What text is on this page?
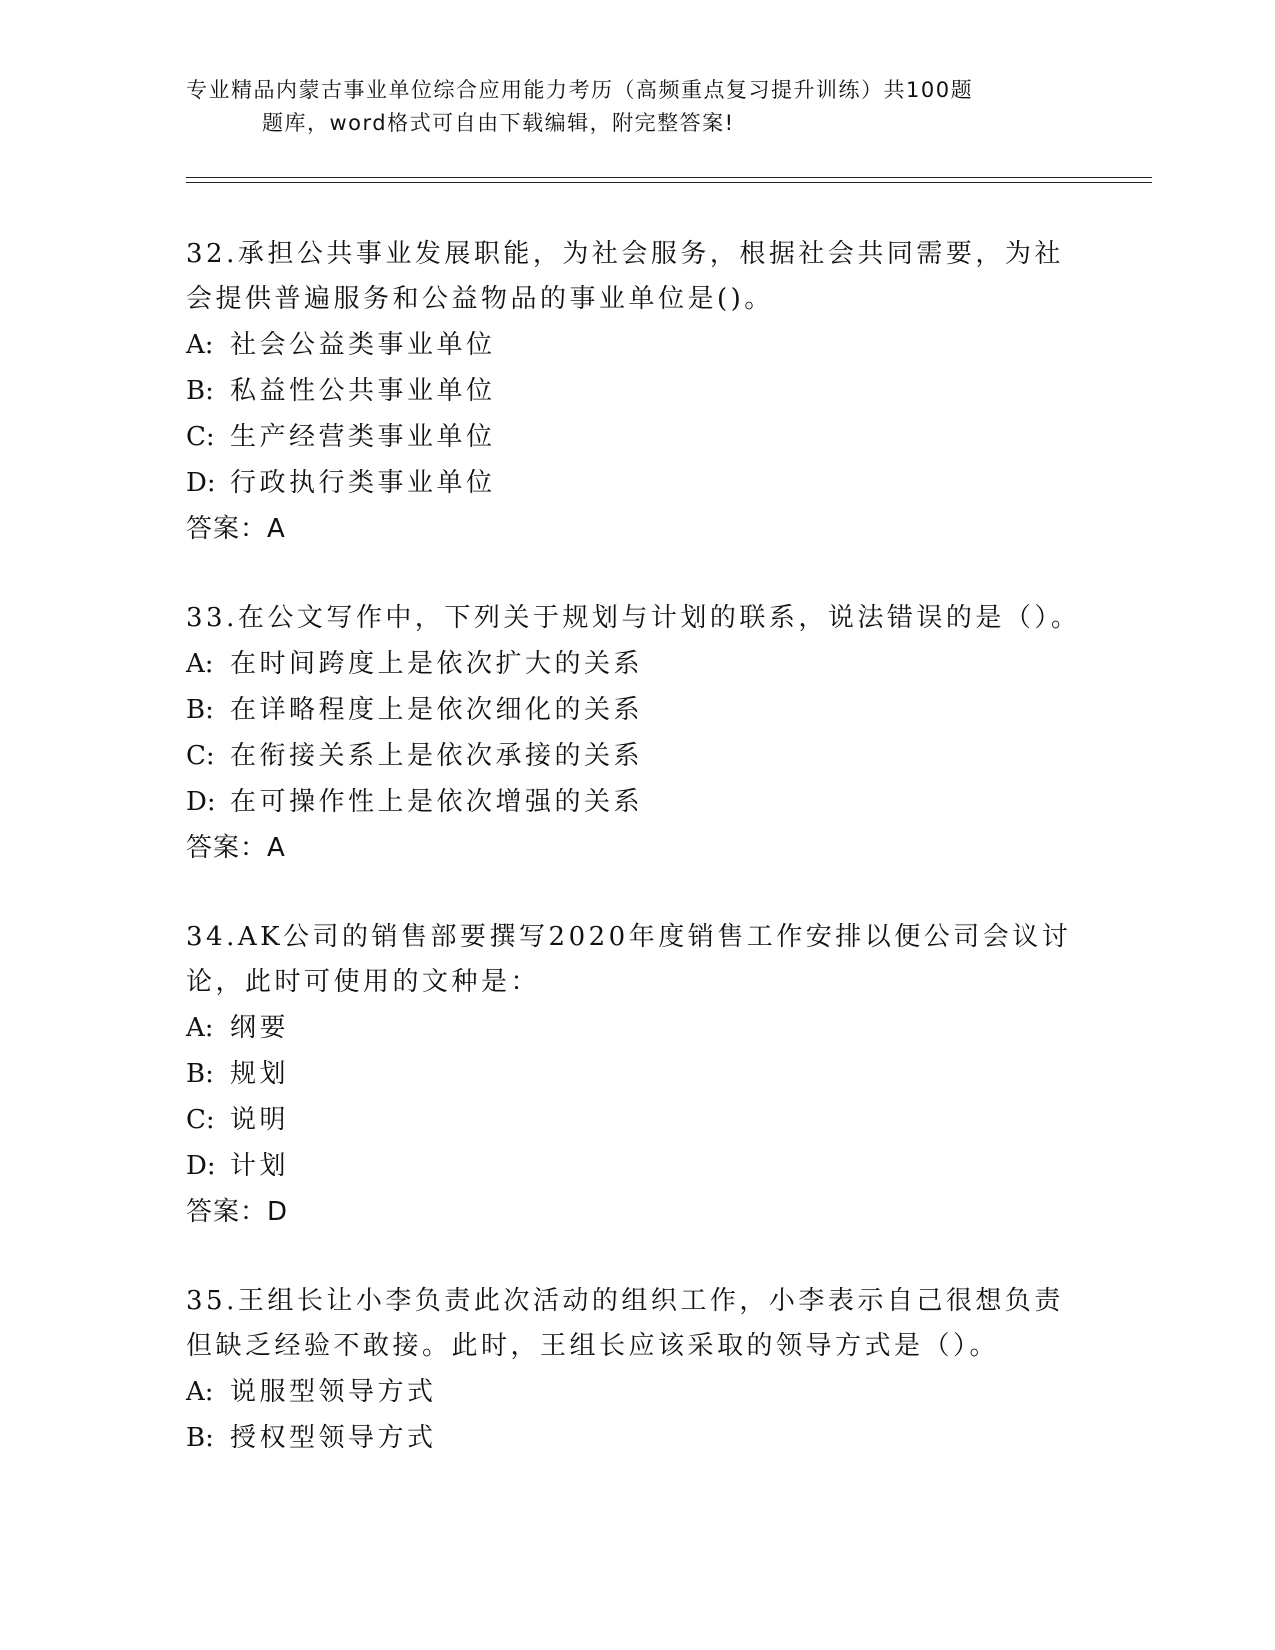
专业精品内蒙古事业单位综合应用能力考历（高频重点复习提升训练）共100题
题库，word格式可自由下载编辑，附完整答案!

32.承担公共事业发展职能，为社会服务，根据社会共同需要，为社会提供普遍服务和公益物品的事业单位是()。

A: 社会公益类事业单位

B: 私益性公共事业单位

C: 生产经营类事业单位

D: 行政执行类事业单位

答案：A

33.在公文写作中，下列关于规划与计划的联系，说法错误的是（）。

A: 在时间跨度上是依次扩大的关系

B: 在详略程度上是依次细化的关系

C: 在衔接关系上是依次承接的关系

D: 在可操作性上是依次增强的关系

答案：A

34.AK公司的销售部要撰写2020年度销售工作安排以便公司会议讨论，此时可使用的文种是：

A: 纲要

B: 规划

C: 说明

D: 计划

答案：D

35.王组长让小李负责此次活动的组织工作，小李表示自己很想负责但缺乏经验不敢接。此时，王组长应该采取的领导方式是（）。

A: 说服型领导方式

B: 授权型领导方式
